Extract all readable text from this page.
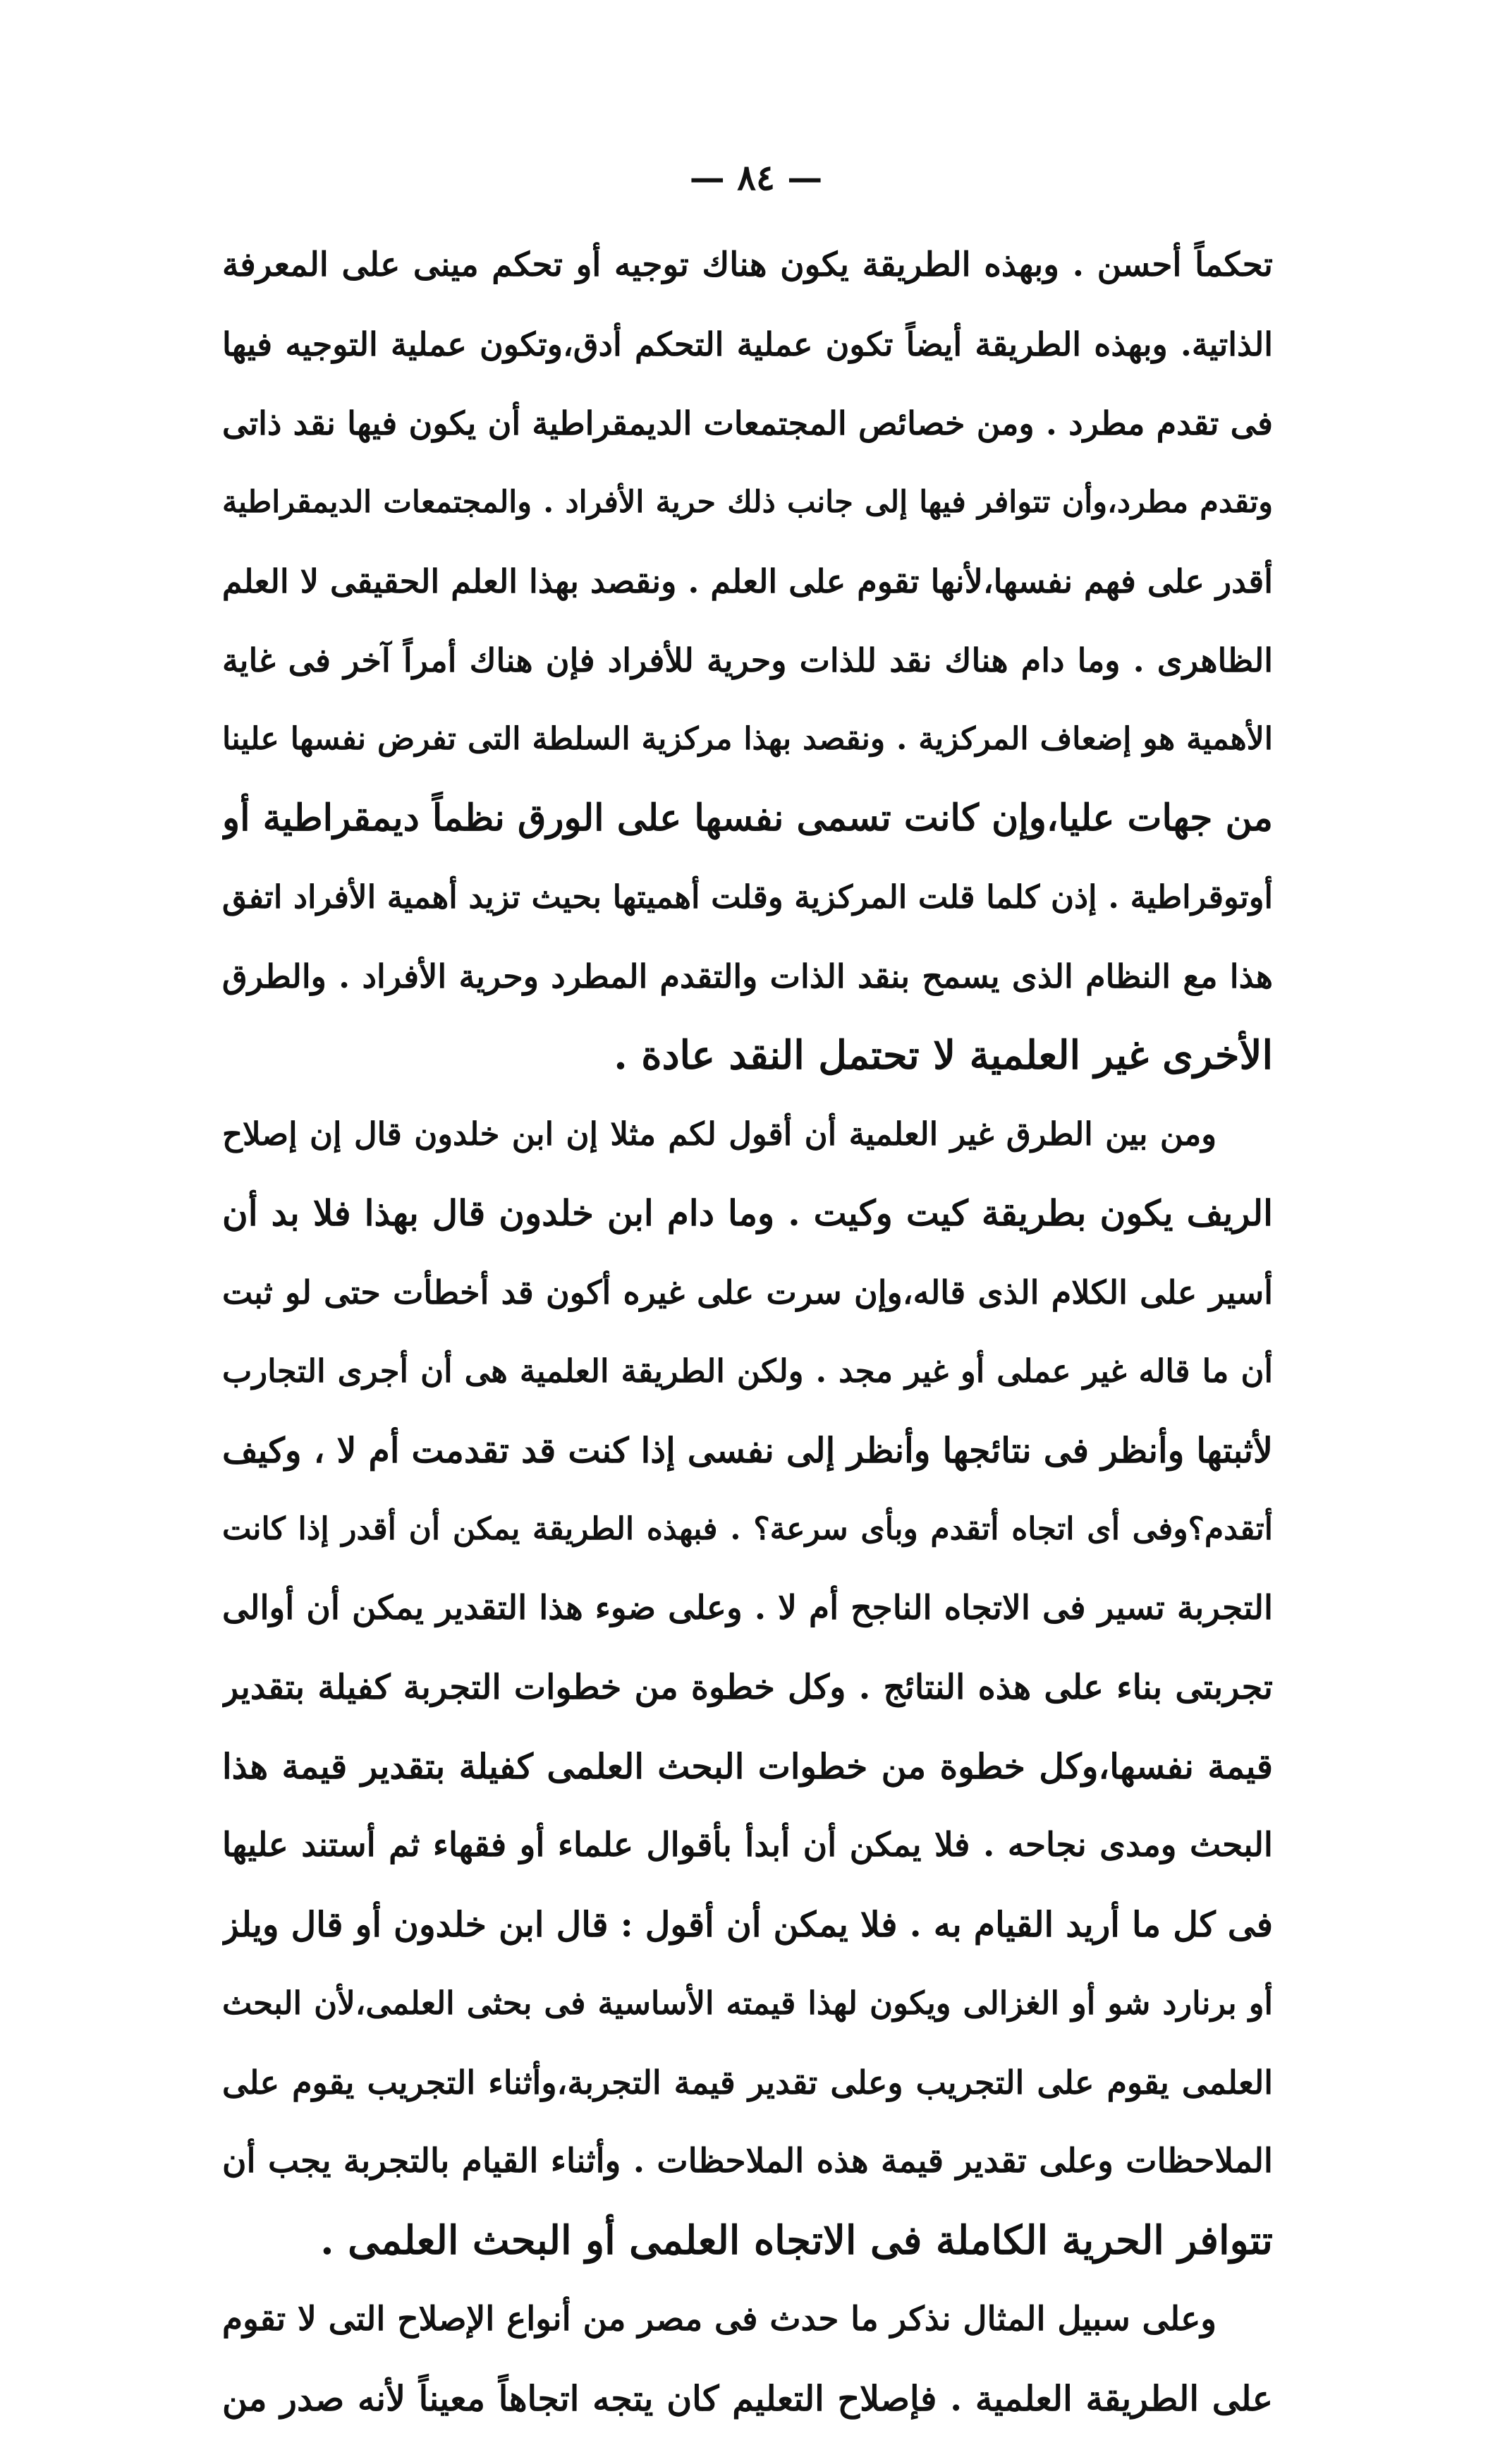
— ٨٤ —
تحكماً أحسن . وبهذه الطريقة يكون هناك توجيه أو تحكم مينى على المعرفة
الذاتية. وبهذه الطريقة أيضاً تكون عملية التحكم أدق،وتكون عملية التوجيه فيها
فى تقدم مطرد . ومن خصائص المجتمعات الديمقراطية أن يكون فيها نقد ذاتى
وتقدم مطرد،وأن تتوافر فيها إلى جانب ذلك حرية الأفراد . والمجتمعات الديمقراطية
أقدر على فهم نفسها،لأنها تقوم على العلم . ونقصد بهذا العلم الحقيقى لا العلم
الظاهرى . وما دام هناك نقد للذات وحرية للأفراد فإن هناك أمراً آخر فى غاية
الأهمية هو إضعاف المركزية . ونقصد بهذا مركزية السلطة التى تفرض نفسها علينا
من جهات عليا،وإن كانت تسمى نفسها على الورق نظماً ديمقراطية أو
أوتوقراطية . إذن كلما قلت المركزية وقلت أهميتها بحيث تزيد أهمية الأفراد اتفق
هذا مع النظام الذى يسمح بنقد الذات والتقدم المطرد وحرية الأفراد . والطرق
الأخرى غير العلمية لا تحتمل النقد عادة .
ومن بين الطرق غير العلمية أن أقول لكم مثلا إن ابن خلدون قال إن إصلاح
الريف يكون بطريقة كيت وكيت . وما دام ابن خلدون قال بهذا فلا بد أن
أسير على الكلام الذى قاله،وإن سرت على غيره أكون قد أخطأت حتى لو ثبت
أن ما قاله غير عملى أو غير مجد . ولكن الطريقة العلمية هى أن أجرى التجارب
لأثبتها وأنظر فى نتائجها وأنظر إلى نفسى إذا كنت قد تقدمت أم لا ، وكيف
أتقدم؟وفى أى اتجاه أتقدم وبأى سرعة؟ . فبهذه الطريقة يمكن أن أقدر إذا كانت
التجربة تسير فى الاتجاه الناجح أم لا . وعلى ضوء هذا التقدير يمكن أن أوالى
تجربتى بناء على هذه النتائج . وكل خطوة من خطوات التجربة كفيلة بتقدير
قيمة نفسها،وكل خطوة من خطوات البحث العلمى كفيلة بتقدير قيمة هذا
البحث ومدى نجاحه . فلا يمكن أن أبدأ بأقوال علماء أو فقهاء ثم أستند عليها
فى كل ما أريد القيام به . فلا يمكن أن أقول : قال ابن خلدون أو قال ويلز
أو برنارد شو أو الغزالى ويكون لهذا قيمته الأساسية فى بحثى العلمى،لأن البحث
العلمى يقوم على التجريب وعلى تقدير قيمة التجربة،وأثناء التجريب يقوم على
الملاحظات وعلى تقدير قيمة هذه الملاحظات . وأثناء القيام بالتجربة يجب أن
تتوافر الحرية الكاملة فى الاتجاه العلمى أو البحث العلمى .
وعلى سبيل المثال نذكر ما حدث فى مصر من أنواع الإصلاح التى لا تقوم
على الطريقة العلمية . فإصلاح التعليم كان يتجه اتجاهاً معيناً لأنه صدر من
